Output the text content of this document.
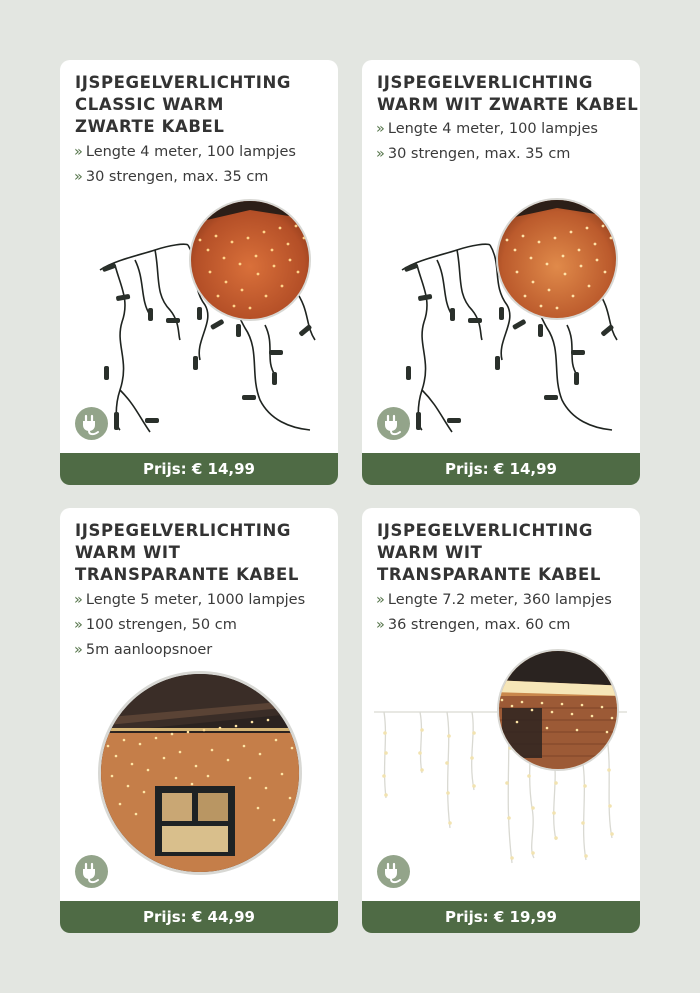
IJSPEGELVERLICHTING
CLASSIC WARM
ZWARTE KABEL
» Lengte 4 meter, 100 lampjes
» 30 strengen, max. 35 cm
Prijs: € 14,99
IJSPEGELVERLICHTING
WARM WIT ZWARTE KABEL
» Lengte 4 meter, 100 lampjes
» 30 strengen, max. 35 cm
Prijs: € 14,99
IJSPEGELVERLICHTING
WARM WIT
TRANSPARANTE KABEL
» Lengte 5 meter, 1000 lampjes
» 100 strengen, 50 cm
» 5m aanloopsnoer
Prijs: € 44,99
IJSPEGELVERLICHTING
WARM WIT
TRANSPARANTE KABEL
» Lengte 7.2 meter, 360 lampjes
» 36 strengen, max. 60 cm
Prijs: € 19,99
